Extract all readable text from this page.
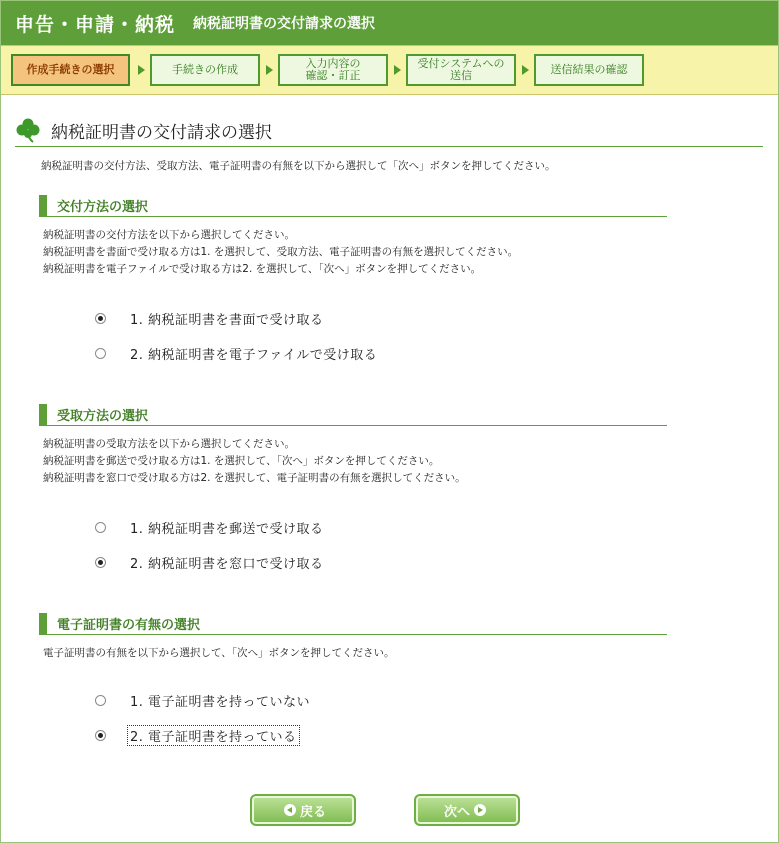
申告・申請・納税 納税証明書の交付請求の選択
作成手続きの選択	手続きの作成	入力内容の
確認・訂正
受付システムへの
送信	送信結果の確認
納税証明書の交付請求の選択
納税証明書の交付方法、受取方法、電子証明書の有無を以下から選択して「次へ」ボタンを押してください。
交付方法の選択
納税証明書の交付方法を以下から選択してください。
納税証明書を書面で受け取る方は1. を選択して、受取方法、電子証明書の有無を選択してください。
納税証明書を電子ファイルで受け取る方は2. を選択して、「次へ」ボタンを押してください。
1. 納税証明書を書面で受け取る
2. 納税証明書を電子ファイルで受け取る
受取方法の選択
納税証明書の受取方法を以下から選択してください。
納税証明書を郵送で受け取る方は1. を選択して、「次へ」ボタンを押してください。
納税証明書を窓口で受け取る方は2. を選択して、電子証明書の有無を選択してください。
1. 納税証明書を郵送で受け取る
2. 納税証明書を窓口で受け取る
電子証明書の有無の選択
電子証明書の有無を以下から選択して、「次へ」ボタンを押してください。
1. 電子証明書を持っていない
2. 電子証明書を持っている
戻る	次へ
